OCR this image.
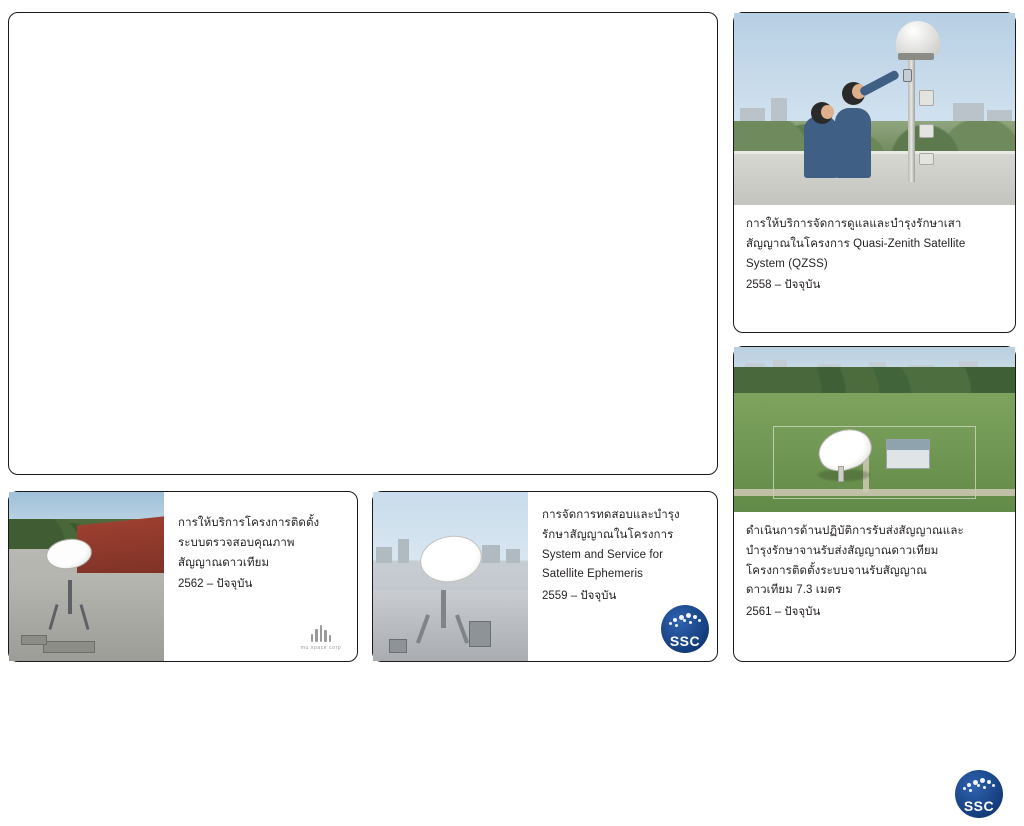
การให้บริการจัดการดูแลและบำรุงรักษาเสา
สัญญาณในโครงการ Quasi-Zenith Satellite
System (QZSS)
2558 – ปัจจุบัน
ดำเนินการด้านปฏิบัติการรับส่งสัญญาณและ
บำรุงรักษาจานรับส่งสัญญาณดาวเทียม
โครงการติดตั้งระบบจานรับสัญญาณ
ดาวเทียม 7.3 เมตร
2561 – ปัจจุบัน
SSC
การให้บริการโครงการติดตั้ง
ระบบตรวจสอบคุณภาพ
สัญญาณดาวเทียม
2562 – ปัจจุบัน
mu space corp
การจัดการทดสอบและบำรุง
รักษาสัญญาณในโครงการ
System and Service for
Satellite Ephemeris
2559 – ปัจจุบัน
SSC
